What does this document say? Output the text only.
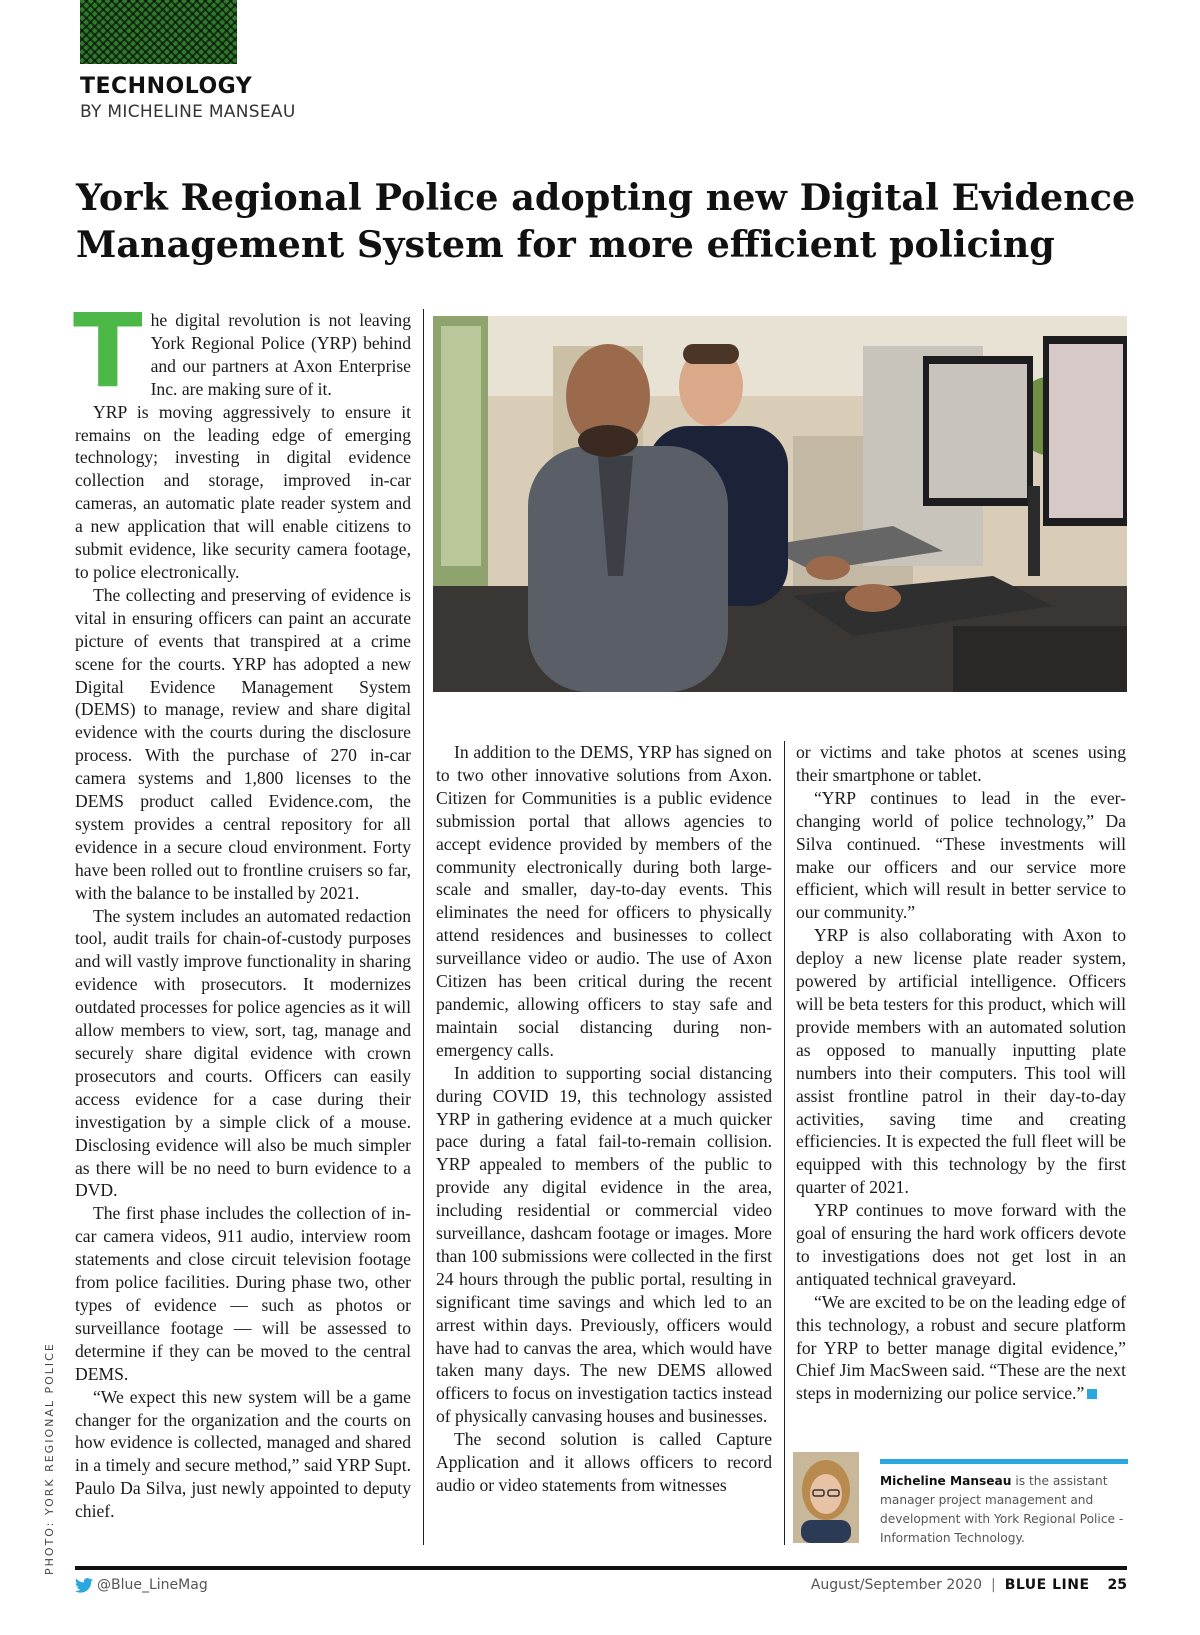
TECHNOLOGY
BY MICHELINE MANSEAU
York Regional Police adopting new Digital Evidence Management System for more efficient policing

The digital revolution is not leaving York Regional Police (YRP) behind and our partners at Axon Enterprise Inc. are making sure of it.

YRP is moving aggressively to ensure it remains on the leading edge of emerging technology; investing in digital evidence collection and storage, improved in-car cameras, an automatic plate reader system and a new application that will enable citizens to submit evidence, like security camera footage, to police electronically.

The collecting and preserving of evidence is vital in ensuring officers can paint an accurate picture of events that transpired at a crime scene for the courts. YRP has adopted a new Digital Evidence Management System (DEMS) to manage, review and share digital evidence with the courts during the disclosure process. With the purchase of 270 in-car camera systems and 1,800 licenses to the DEMS product called Evidence.com, the system provides a central repository for all evidence in a secure cloud environment. Forty have been rolled out to frontline cruisers so far, with the balance to be installed by 2021.

The system includes an automated redaction tool, audit trails for chain-of-custody purposes and will vastly improve functionality in sharing evidence with prosecutors. It modernizes outdated processes for police agencies as it will allow members to view, sort, tag, manage and securely share digital evidence with crown prosecutors and courts. Officers can easily access evidence for a case during their investigation by a simple click of a mouse. Disclosing evidence will also be much simpler as there will be no need to burn evidence to a DVD.

The first phase includes the collection of in-car camera videos, 911 audio, interview room statements and close circuit television footage from police facilities. During phase two, other types of evidence — such as photos or surveillance footage — will be assessed to determine if they can be moved to the central DEMS.

“We expect this new system will be a game changer for the organization and the courts on how evidence is collected, managed and shared in a timely and secure method,” said YRP Supt. Paulo Da Silva, just newly appointed to deputy chief.

In addition to the DEMS, YRP has signed on to two other innovative solutions from Axon. Citizen for Communities is a public evidence submission portal that allows agencies to accept evidence provided by members of the community electronically during both large-scale and smaller, day-to-day events. This eliminates the need for officers to physically attend residences and businesses to collect surveillance video or audio. The use of Axon Citizen has been critical during the recent pandemic, allowing officers to stay safe and maintain social distancing during non-emergency calls.

In addition to supporting social distancing during COVID 19, this technology assisted YRP in gathering evidence at a much quicker pace during a fatal fail-to-remain collision. YRP appealed to members of the public to provide any digital evidence in the area, including residential or commercial video surveillance, dashcam footage or images. More than 100 submissions were collected in the first 24 hours through the public portal, resulting in significant time savings and which led to an arrest within days. Previously, officers would have had to canvas the area, which would have taken many days. The new DEMS allowed officers to focus on investigation tactics instead of physically canvasing houses and businesses.

The second solution is called Capture Application and it allows officers to record audio or video statements from witnesses

or victims and take photos at scenes using their smartphone or tablet.

“YRP continues to lead in the ever-changing world of police technology,” Da Silva continued. “These investments will make our officers and our service more efficient, which will result in better service to our community.”

YRP is also collaborating with Axon to deploy a new license plate reader system, powered by artificial intelligence. Officers will be beta testers for this product, which will provide members with an automated solution as opposed to manually inputting plate numbers into their computers. This tool will assist frontline patrol in their day-to-day activities, saving time and creating efficiencies. It is expected the full fleet will be equipped with this technology by the first quarter of 2021.

YRP continues to move forward with the goal of ensuring the hard work officers devote to investigations does not get lost in an antiquated technical graveyard.

“We are excited to be on the leading edge of this technology, a robust and secure platform for YRP to better manage digital evidence,” Chief Jim MacSween said. “These are the next steps in modernizing our police service.”

PHOTO: YORK REGIONAL POLICE	Micheline Manseau is the assistant manager project management and development with York Regional Police - Information Technology.
@Blue_LineMag	August/September 2020 | BLUE LINE 25
